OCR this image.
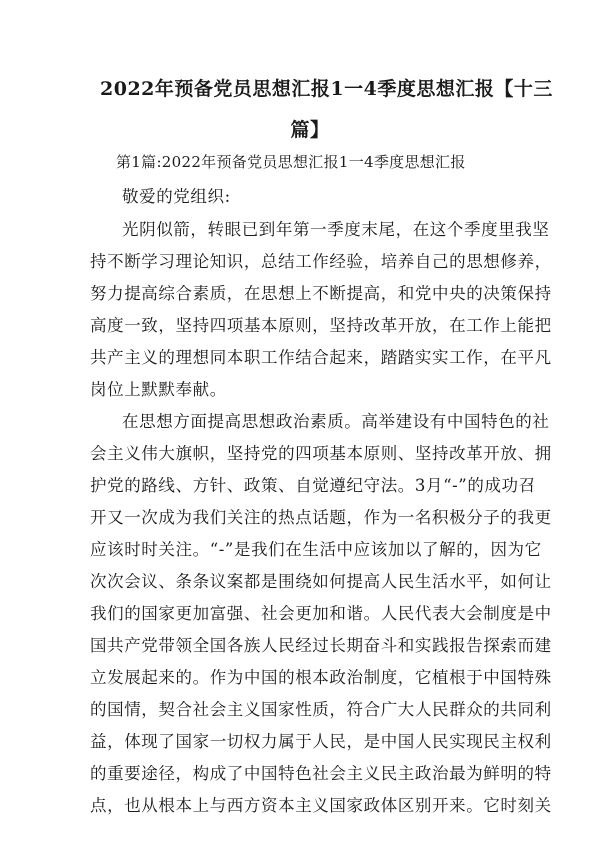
2022年预备党员思想汇报1一4季度思想汇报【十三
篇】
第1篇:2022年预备党员思想汇报1一4季度思想汇报
敬爱的党组织:
光阴似箭，转眼已到年第一季度末尾，在这个季度里我坚
持不断学习理论知识，总结工作经验，培养自己的思想修养，
努力提高综合素质，在思想上不断提高，和党中央的决策保持
高度一致，坚持四项基本原则，坚持改革开放，在工作上能把
共产主义的理想同本职工作结合起来，踏踏实实工作，在平凡
岗位上默默奉献。
在思想方面提高思想政治素质。高举建设有中国特色的社
会主义伟大旗帜，坚持党的四项基本原则、坚持改革开放、拥
护党的路线、方针、政策、自觉遵纪守法。3月“-”的成功召
开又一次成为我们关注的热点话题，作为一名积极分子的我更
应该时时关注。“-”是我们在生活中应该加以了解的，因为它
次次会议、条条议案都是围绕如何提高人民生活水平，如何让
我们的国家更加富强、社会更加和谐。人民代表大会制度是中
国共产党带领全国各族人民经过长期奋斗和实践报告探索而建
立发展起来的。作为中国的根本政治制度，它植根于中国特殊
的国情，契合社会主义国家性质，符合广大人民群众的共同利
益，体现了国家一切权力属于人民，是中国人民实现民主权利
的重要途径，构成了中国特色社会主义民主政治最为鲜明的特
点，也从根本上与西方资本主义国家政体区别开来。它时刻关
